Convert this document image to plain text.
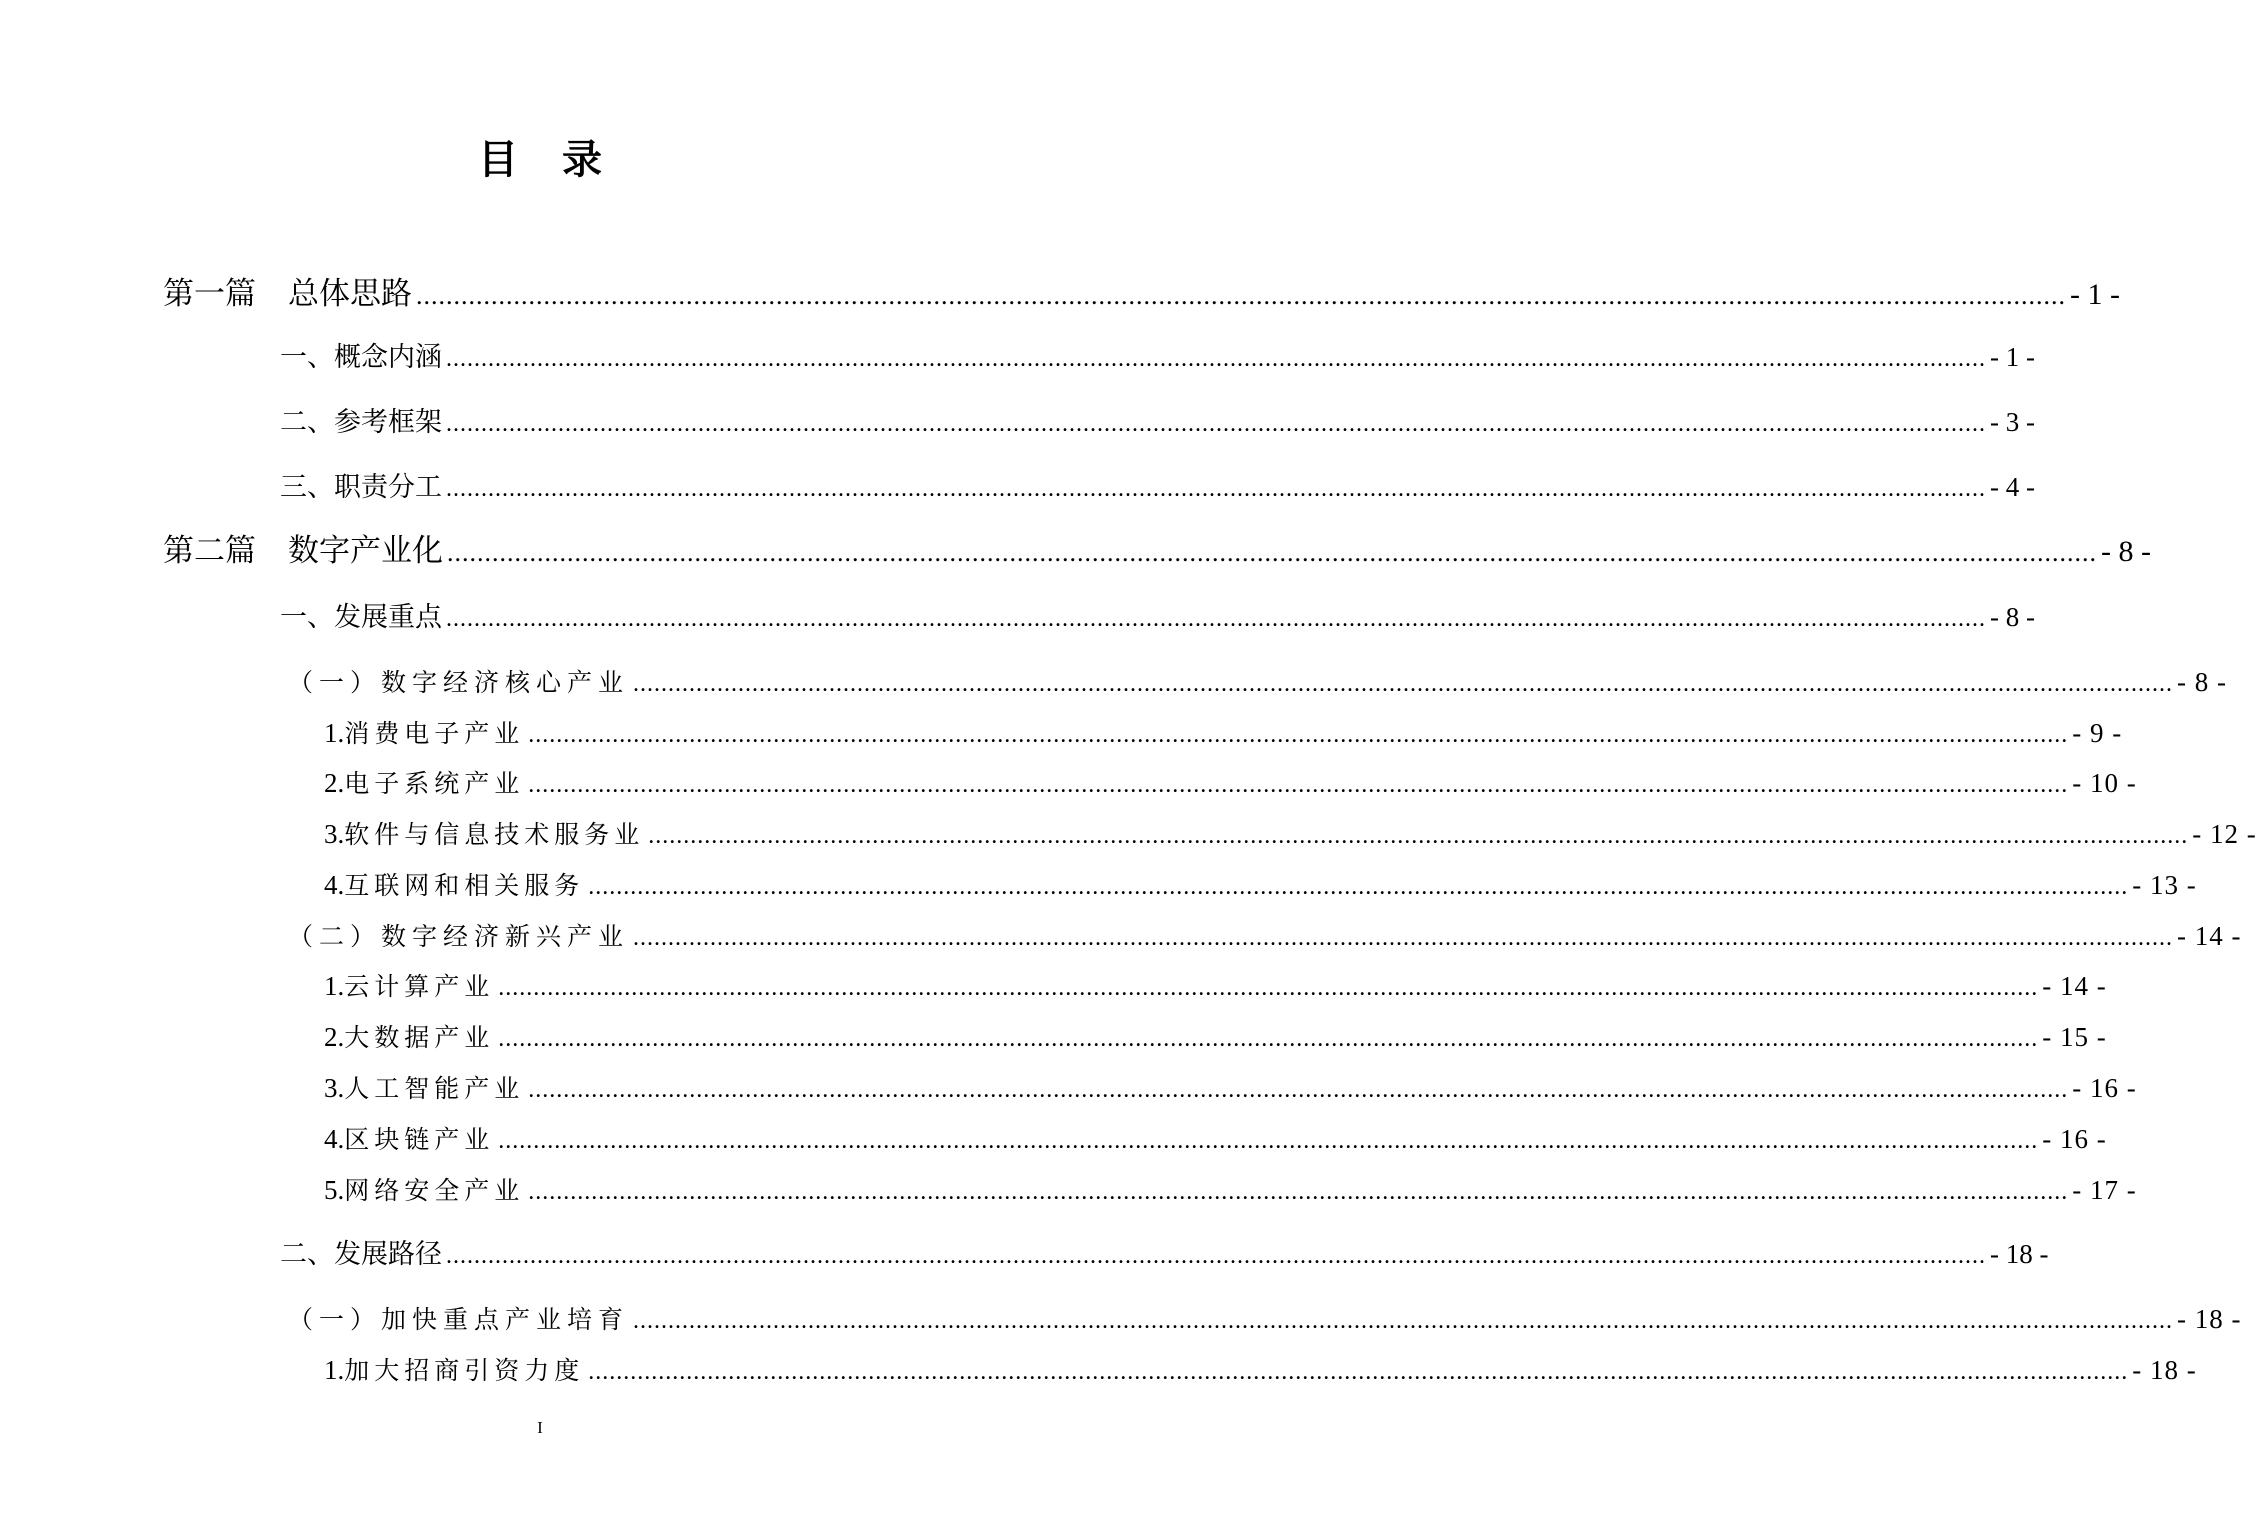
目 录
第一篇 总体思路 ............................................................................................................................................................................................................................ - 1 -
一、概念内涵 ............................................................................................................................................................................................................................ - 1 -
二、参考框架 ............................................................................................................................................................................................................................ - 3 -
三、职责分工 ............................................................................................................................................................................................................................ - 4 -
第二篇 数字产业化 ............................................................................................................................................................................................................................ - 8 -
一、发展重点 ............................................................................................................................................................................................................................ - 8 -
（一）数字经济核心产业 ............................................................................................................................................................................................................................ - 8 -
1.消费电子产业 ............................................................................................................................................................................................................................ - 9 -
2.电子系统产业 ............................................................................................................................................................................................................................ - 10 -
3.软件与信息技术服务业 ............................................................................................................................................................................................................................ - 12 -
4.互联网和相关服务 ............................................................................................................................................................................................................................ - 13 -
（二）数字经济新兴产业 ............................................................................................................................................................................................................................ - 14 -
1.云计算产业 ............................................................................................................................................................................................................................ - 14 -
2.大数据产业 ............................................................................................................................................................................................................................ - 15 -
3.人工智能产业 ............................................................................................................................................................................................................................ - 16 -
4.区块链产业 ............................................................................................................................................................................................................................ - 16 -
5.网络安全产业 ............................................................................................................................................................................................................................ - 17 -
二、发展路径 ............................................................................................................................................................................................................................ - 18 -
（一）加快重点产业培育 ............................................................................................................................................................................................................................ - 18 -
1.加大招商引资力度 ............................................................................................................................................................................................................................ - 18 -
I
